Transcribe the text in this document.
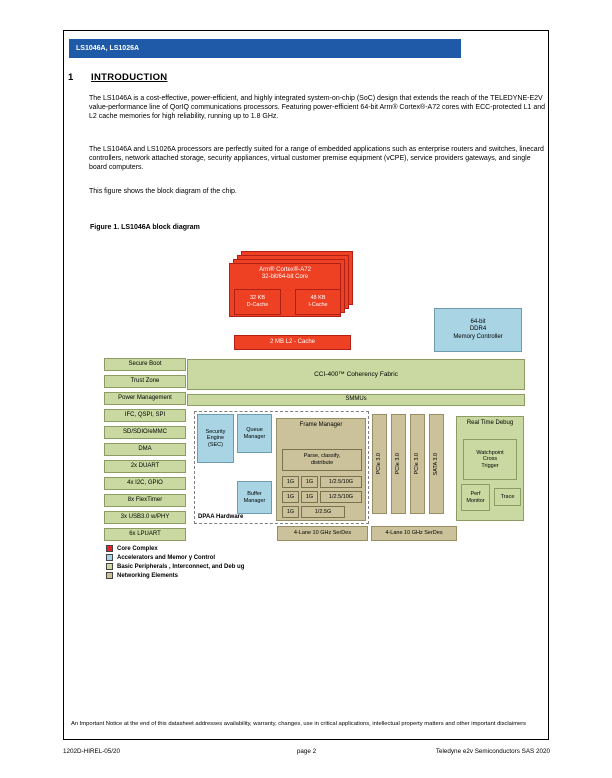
LS1046A, LS1026A
1 INTRODUCTION

The LS1046A is a cost-effective, power-efficient, and highly integrated system-on-chip (SoC) design that extends the reach of the TELEDYNE-E2V value-performance line of QorIQ communications processors. Featuring power-efficient 64-bit Arm® Cortex®-A72 cores with ECC-protected L1 and L2 cache memories for high reliability, running up to 1.8 GHz.

The LS1046A and LS1026A processors are perfectly suited for a range of embedded applications such as enterprise routers and switches, linecard controllers, network attached storage, security appliances, virtual customer premise equipment (vCPE), service providers gateways, and single board computers.

This figure shows the block diagram of the chip.

Figure 1. LS1046A block diagram
Arm® Cortex®-A72
32-bit/64-bit Core
32 KB
D-Cache
48 KB
I-Cache
2 MB L2 - Cache
64-bit
DDR4
Memory Controller
CCI-400™ Coherency Fabric
SMMUs
Secure Boot
Trust Zone
Power Management
IFC, QSPI, SPI
SD/SDIO/eMMC
DMA
2x DUART
4x I2C, GPIO
8x FlexTimer
3x USB3.0 w/PHY
6x LPUART
DPAA Hardware
Security
Engine
(SEC)
Queue
Manager
Buffer
Manager
Frame Manager
Parse, classify,
distribute
1G	1G	1/2.5/10G
1G	1G	1/2.5/10G
1G	1/2.5G
PCIe 3.0 PCIe 3.0 PCIe 3.0 SATA 3.0
Real Time Debug
Watchpoint
Cross
Trigger
Perf
Monitor
Trace
4-Lane 10 GHz SerDes	4-Lane 10 GHz SerDes
Core Complex
Accelerators and Memor y Control
Basic Peripherals , Interconnect, and Deb ug
Networking Elements
An Important Notice at the end of this datasheet addresses availability, warranty, changes, use in critical applications, intellectual property matters and other important disclaimers
1202D-HIREL-05/20	page 2	Teledyne e2v Semiconductors SAS 2020
